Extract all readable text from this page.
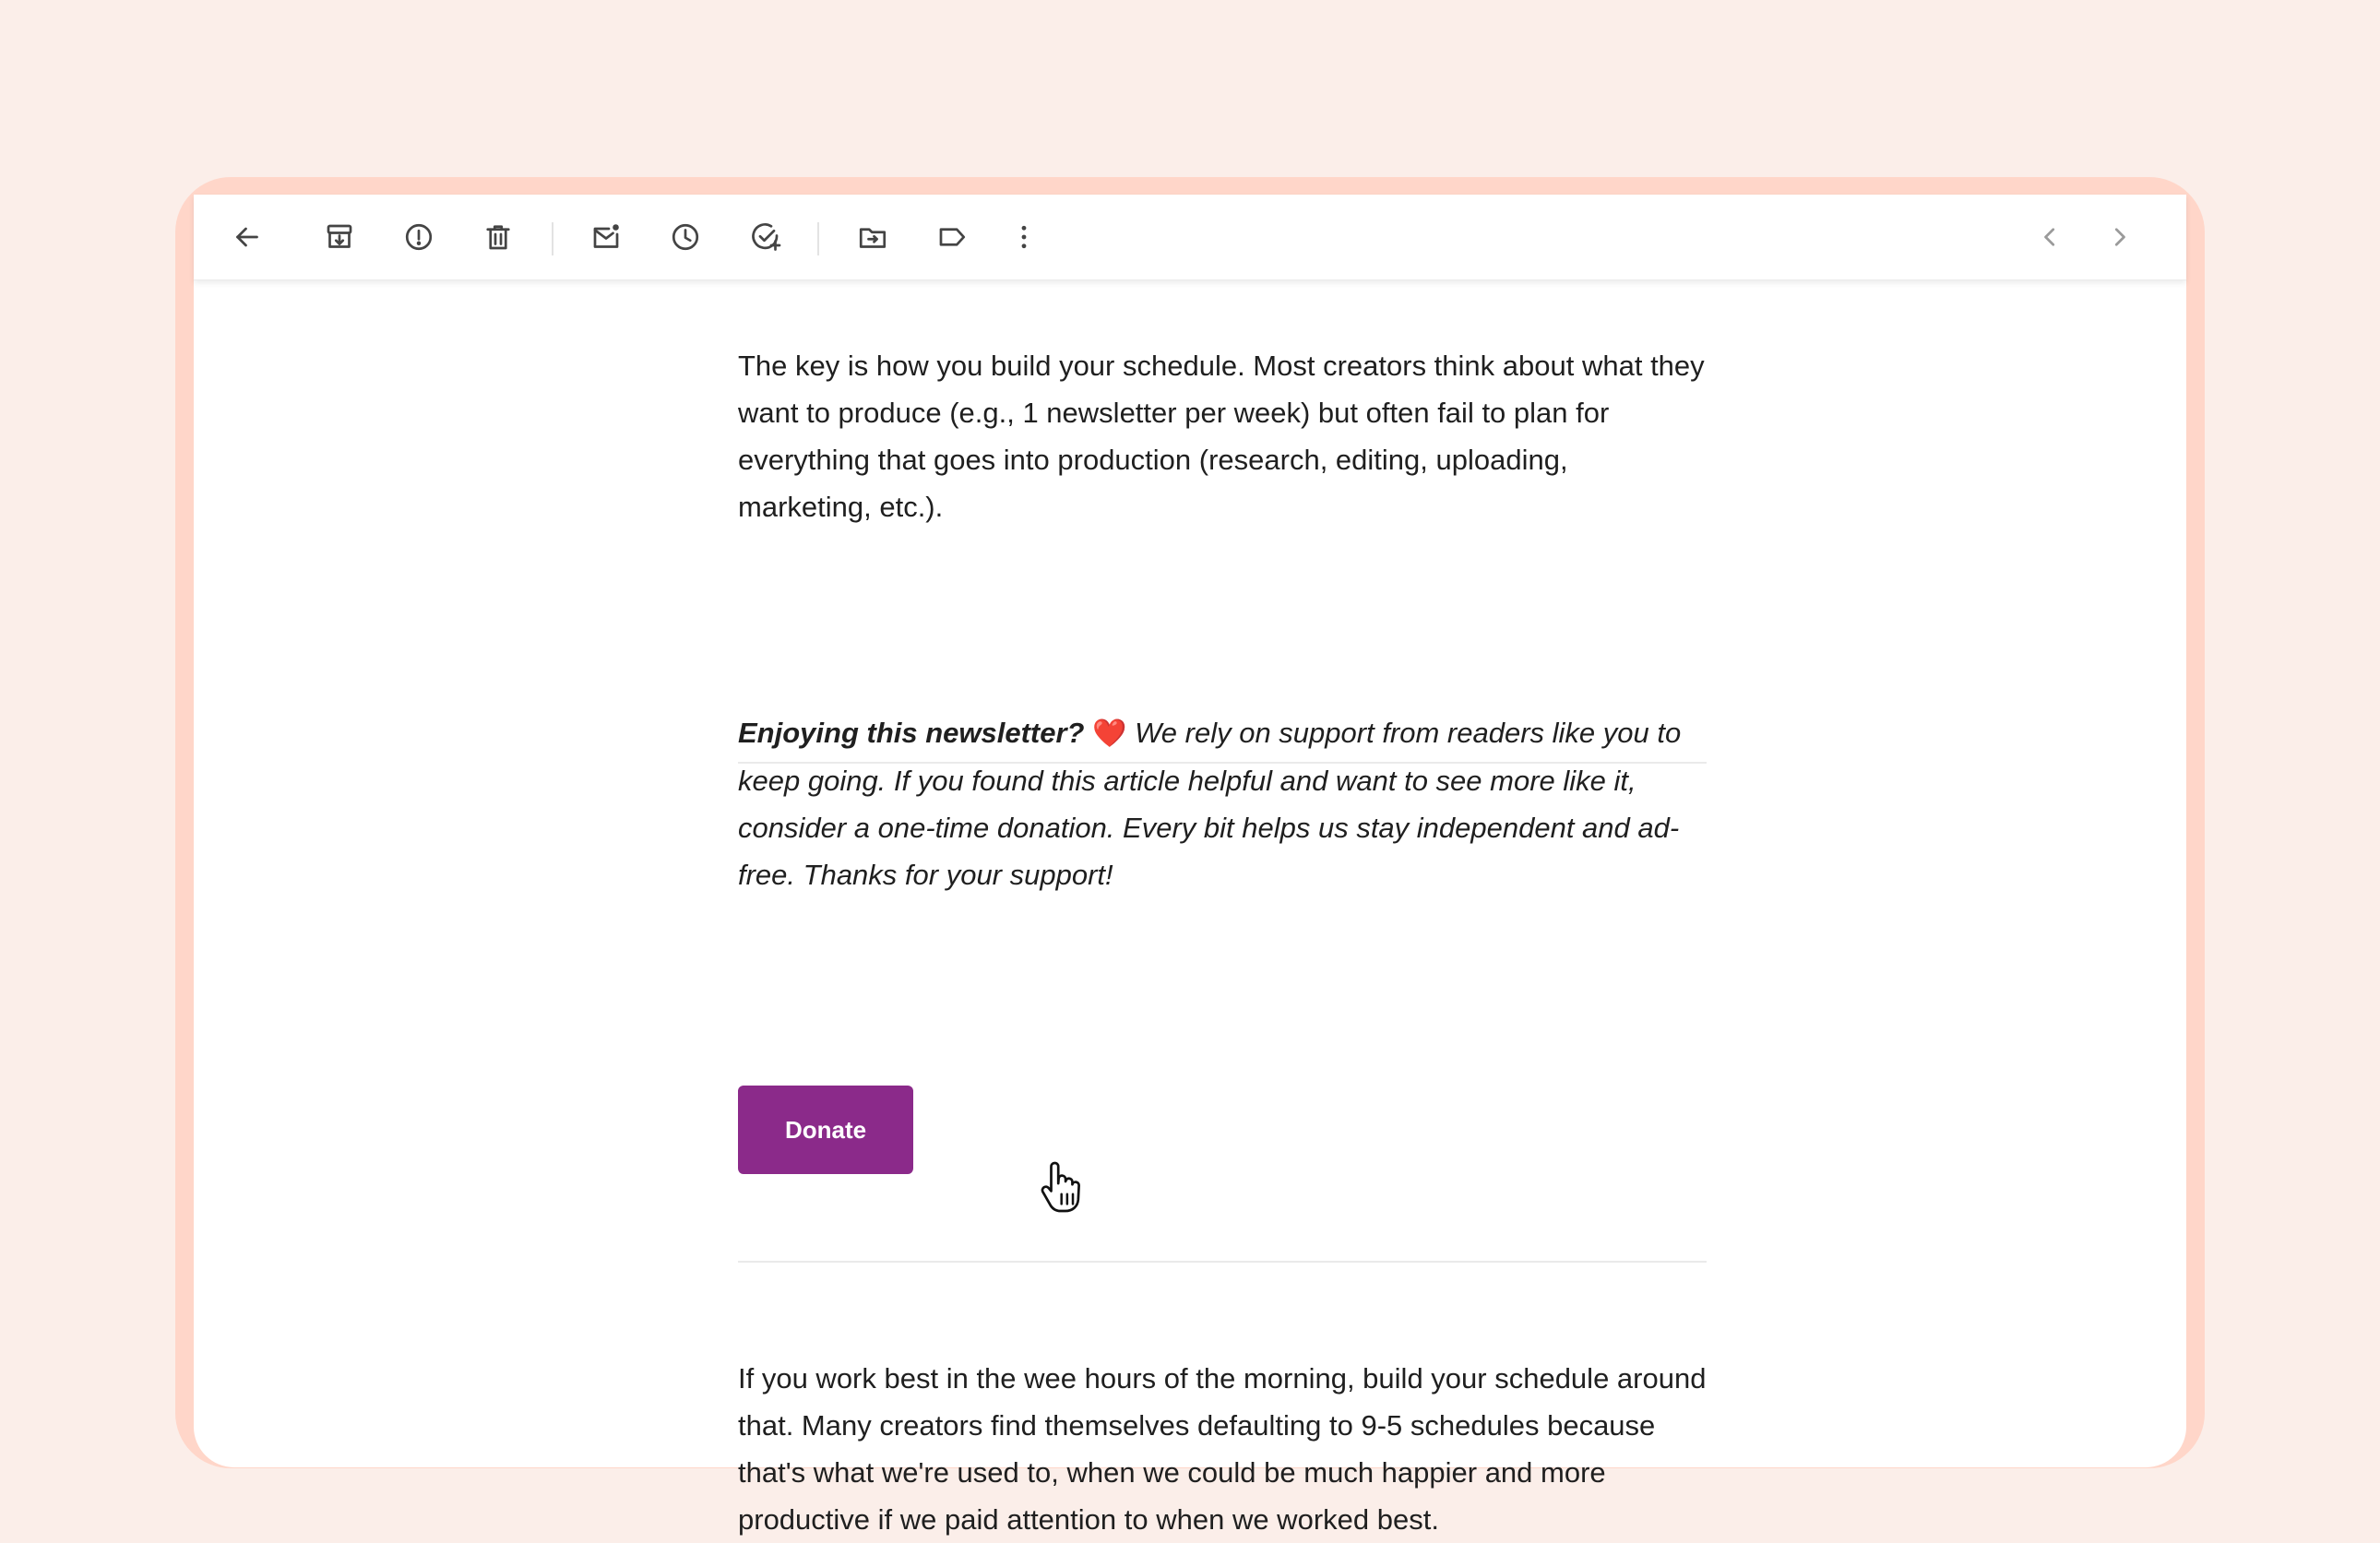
The key is how you build your schedule. Most creators think about what they want to produce (e.g., 1 newsletter per week) but often fail to plan for everything that goes into production (research, editing, uploading, marketing, etc.).

Enjoying this newsletter? ❤️ We rely on support from readers like you to keep going. If you found this article helpful and want to see more like it, consider a one-time donation. Every bit helps us stay independent and ad-free. Thanks for your support!

Donate

If you work best in the wee hours of the morning, build your schedule around that. Many creators find themselves defaulting to 9-5 schedules because that's what we're used to, when we could be much happier and more productive if we paid attention to when we worked best.
